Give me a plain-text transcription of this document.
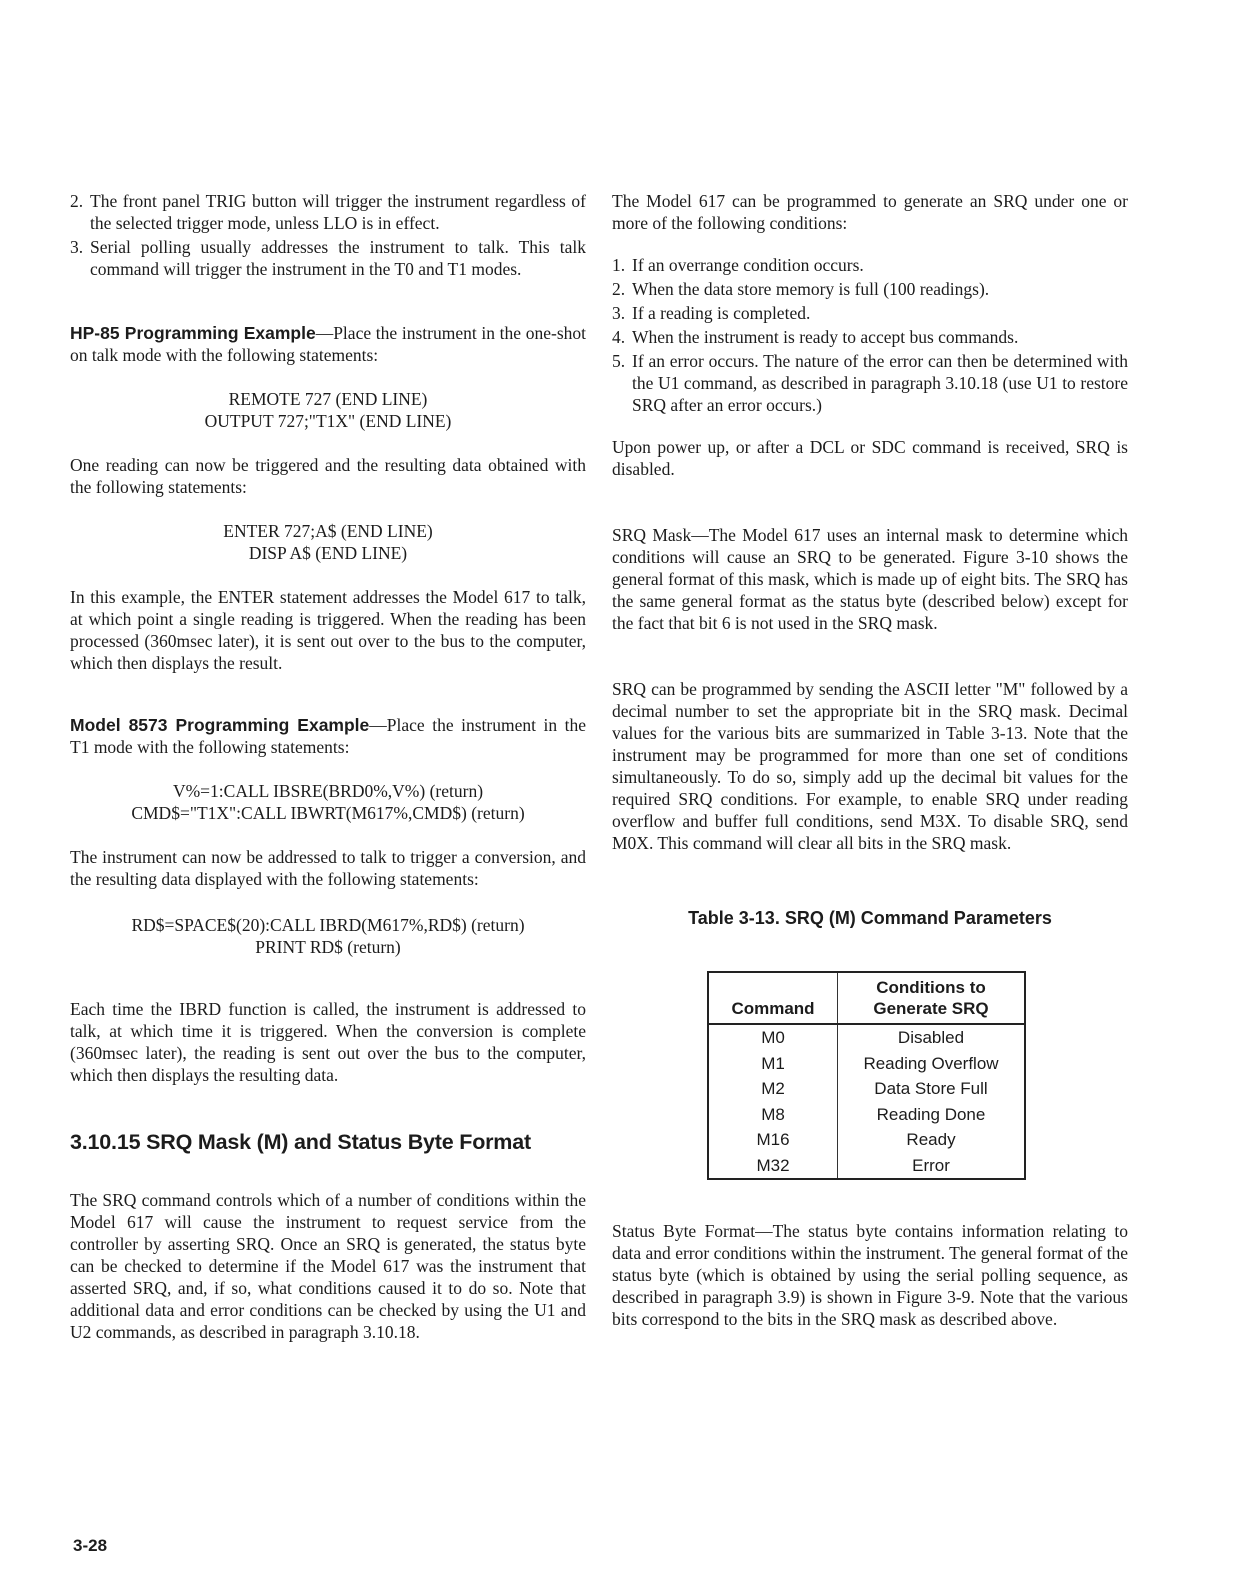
2. The front panel TRIG button will trigger the instrument regardless of the selected trigger mode, unless LLO is in effect.
3. Serial polling usually addresses the instrument to talk. This talk command will trigger the instrument in the T0 and T1 modes.

HP-85 Programming Example—Place the instrument in the one-shot on talk mode with the following statements:

REMOTE 727 (END LINE)
OUTPUT 727;"T1X" (END LINE)

One reading can now be triggered and the resulting data obtained with the following statements:

ENTER 727;A$ (END LINE)
DISP A$ (END LINE)

In this example, the ENTER statement addresses the Model 617 to talk, at which point a single reading is triggered. When the reading has been processed (360msec later), it is sent out over to the bus to the computer, which then displays the result.

Model 8573 Programming Example—Place the instrument in the T1 mode with the following statements:

V%=1:CALL IBSRE(BRD0%,V%) (return)
CMD$="T1X":CALL IBWRT(M617%,CMD$) (return)

The instrument can now be addressed to talk to trigger a conversion, and the resulting data displayed with the following statements:

RD$=SPACE$(20):CALL IBRD(M617%,RD$) (return)
PRINT RD$ (return)

Each time the IBRD function is called, the instrument is addressed to talk, at which time it is triggered. When the conversion is complete (360msec later), the reading is sent out over the bus to the computer, which then displays the resulting data.

3.10.15 SRQ Mask (M) and Status Byte Format

The SRQ command controls which of a number of conditions within the Model 617 will cause the instrument to request service from the controller by asserting SRQ. Once an SRQ is generated, the status byte can be checked to determine if the Model 617 was the instrument that asserted SRQ, and, if so, what conditions caused it to do so. Note that additional data and error conditions can be checked by using the U1 and U2 commands, as described in paragraph 3.10.18.

The Model 617 can be programmed to generate an SRQ under one or more of the following conditions:

1. If an overrange condition occurs.
2. When the data store memory is full (100 readings).
3. If a reading is completed.
4. When the instrument is ready to accept bus commands.
5. If an error occurs. The nature of the error can then be determined with the U1 command, as described in paragraph 3.10.18 (use U1 to restore SRQ after an error occurs.)

Upon power up, or after a DCL or SDC command is received, SRQ is disabled.

SRQ Mask—The Model 617 uses an internal mask to determine which conditions will cause an SRQ to be generated. Figure 3-10 shows the general format of this mask, which is made up of eight bits. The SRQ has the same general format as the status byte (described below) except for the fact that bit 6 is not used in the SRQ mask.

SRQ can be programmed by sending the ASCII letter "M" followed by a decimal number to set the appropriate bit in the SRQ mask. Decimal values for the various bits are summarized in Table 3-13. Note that the instrument may be programmed for more than one set of conditions simultaneously. To do so, simply add up the decimal bit values for the required SRQ conditions. For example, to enable SRQ under reading overflow and buffer full conditions, send M3X. To disable SRQ, send M0X. This command will clear all bits in the SRQ mask.

Table 3-13. SRQ (M) Command Parameters
Command	Conditions to
Generate SRQ
M0	Disabled
M1	Reading Overflow
M2	Data Store Full
M8	Reading Done
M16	Ready
M32	Error

Status Byte Format—The status byte contains information relating to data and error conditions within the instrument. The general format of the status byte (which is obtained by using the serial polling sequence, as described in paragraph 3.9) is shown in Figure 3-9. Note that the various bits correspond to the bits in the SRQ mask as described above.

3-28
